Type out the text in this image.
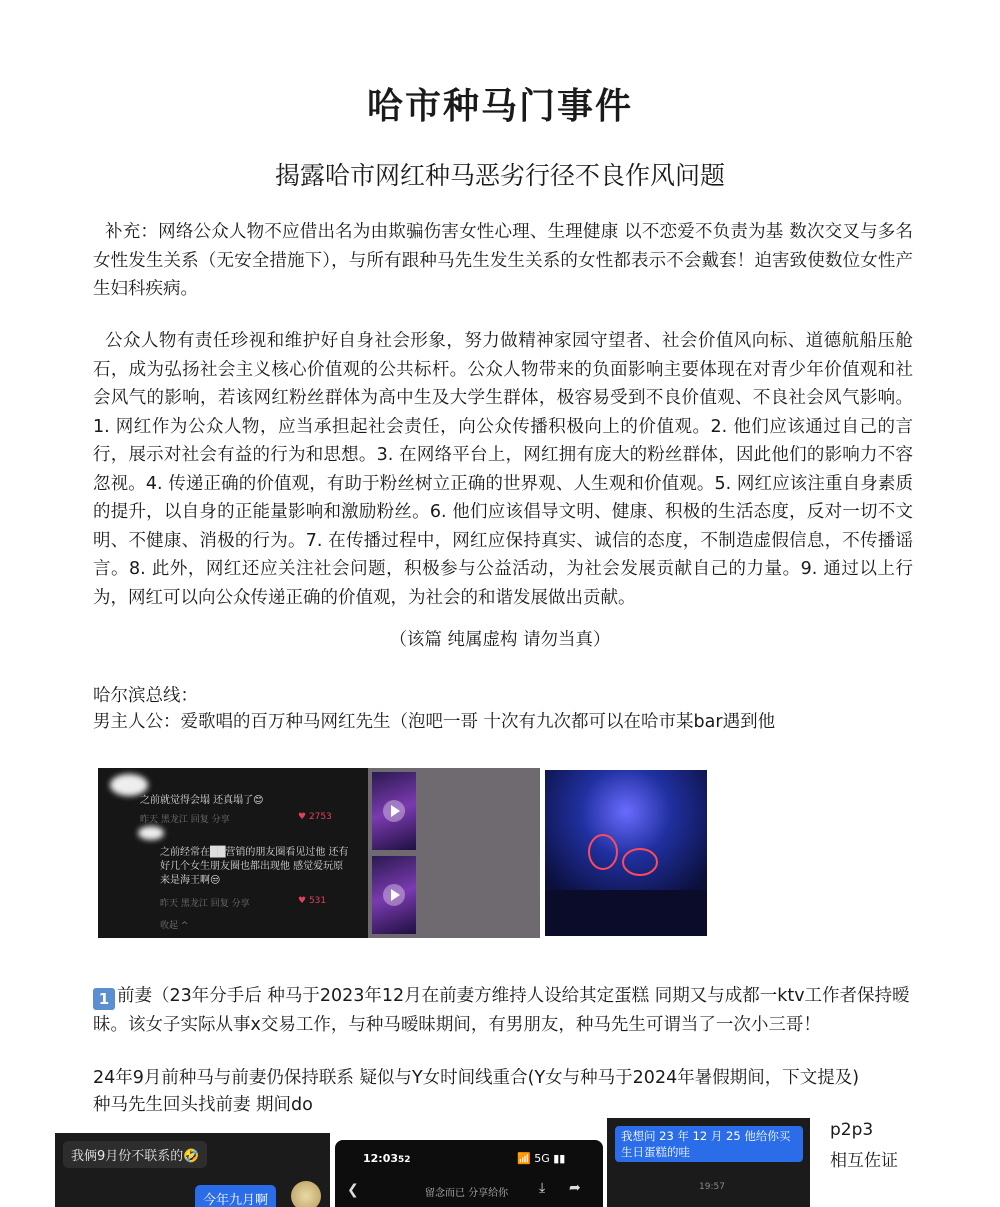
哈市种马门事件
揭露哈市网红种马恶劣行径不良作风问题
补充：网络公众人物不应借出名为由欺骗伤害女性心理、生理健康 以不恋爱不负责为基 数次交叉与多名女性发生关系（无安全措施下），与所有跟种马先生发生关系的女性都表示不会戴套！迫害致使数位女性产生妇科疾病。
公众人物有责任珍视和维护好自身社会形象，努力做精神家园守望者、社会价值风向标、道德航船压舱石，成为弘扬社会主义核心价值观的公共标杆。公众人物带来的负面影响主要体现在对青少年价值观和社会风气的影响，若该网红粉丝群体为高中生及大学生群体，极容易受到不良价值观、不良社会风气影响。1. 网红作为公众人物，应当承担起社会责任，向公众传播积极向上的价值观。2. 他们应该通过自己的言行，展示对社会有益的行为和思想。3. 在网络平台上，网红拥有庞大的粉丝群体，因此他们的影响力不容忽视。4. 传递正确的价值观，有助于粉丝树立正确的世界观、人生观和价值观。5. 网红应该注重自身素质的提升，以自身的正能量影响和激励粉丝。6. 他们应该倡导文明、健康、积极的生活态度，反对一切不文明、不健康、消极的行为。7. 在传播过程中，网红应保持真实、诚信的态度，不制造虚假信息，不传播谣言。8. 此外，网红还应关注社会问题，积极参与公益活动，为社会发展贡献自己的力量。9. 通过以上行为，网红可以向公众传递正确的价值观，为社会的和谐发展做出贡献。
（该篇 纯属虚构 请勿当真）
哈尔滨总线：
男主人公：爱歌唱的百万种马网红先生（泡吧一哥 十次有九次都可以在哈市某bar遇到他
之前就觉得会塌 还真塌了😊
昨天 黑龙江 回复 分享	♥ 2753
之前经常在██营销的朋友圈看见过他 还有好几个女生朋友圈也都出现他 感觉爱玩原来是海王啊😒
昨天 黑龙江 回复 分享	♥ 531
收起 ^
1 前妻（23年分手后 种马于2023年12月在前妻方维持人设给其定蛋糕 同期又与成都一ktv工作者保持暧昧。该女子实际从事x交易工作，与种马暧昧期间，有男朋友，种马先生可谓当了一次小三哥！
24年9月前种马与前妻仍保持联系 疑似与Y女时间线重合(Y女与种马于2024年暑假期间，下文提及)
种马先生回头找前妻 期间do
我俩9月份不联系的🤣
今年九月啊
12:0352	📶 5G ▮▮
❮	留念而已 分享给你 ⤓ ➦
我想问 23 年 12 月 25 他给你买生日蛋糕的哇
19:57
p2p3
相互佐证
